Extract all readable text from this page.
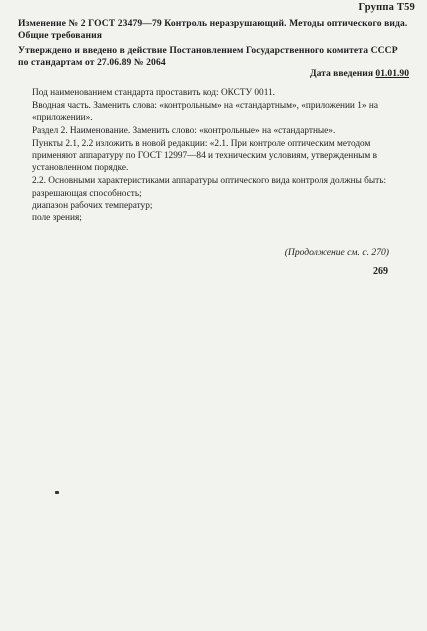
Группа Т59
Изменение № 2 ГОСТ 23479—79 Контроль неразрушающий. Методы оптического вида. Общие требования
Утверждено и введено в действие Постановлением Государственного комитета СССР по стандартам от 27.06.89 № 2064
Дата введения 01.01.90

Под наименованием стандарта проставить код: ОКСТУ 0011.

Вводная часть. Заменить слова: «контрольным» на «стандартным», «приложении 1» на «приложении».

Раздел 2. Наименование. Заменить слово: «контрольные» на «стандартные».

Пункты 2.1, 2.2 изложить в новой редакции: «2.1. При контроле оптическим методом применяют аппаратуру по ГОСТ 12997—84 и техническим условиям, утвержденным в установленном порядке.

2.2. Основными характеристиками аппаратуры оптического вида контроля должны быть:

разрешающая способность;
диапазон рабочих температур;
поле зрения;
(Продолжение см. с. 270)
269
